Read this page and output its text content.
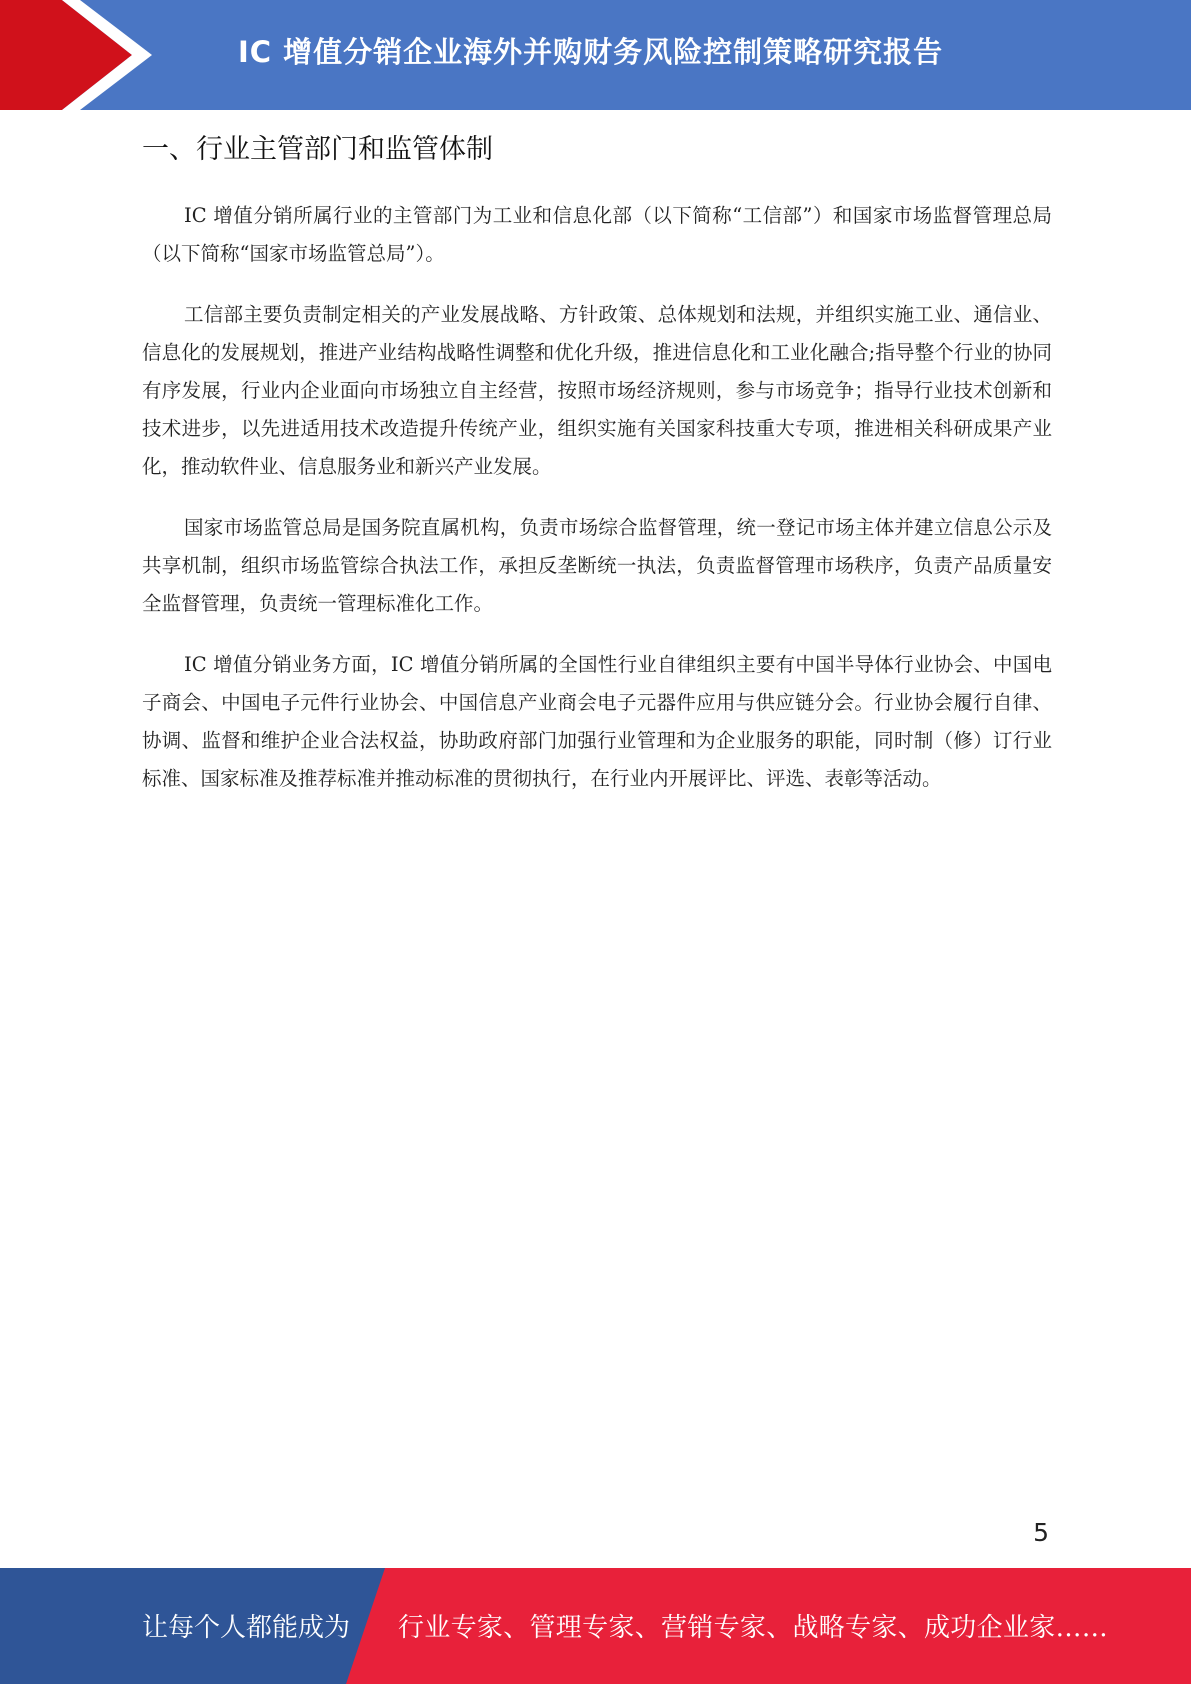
IC 增值分销企业海外并购财务风险控制策略研究报告
一、行业主管部门和监管体制

IC 增值分销所属行业的主管部门为工业和信息化部（以下简称“工信部”）和国家市场监督管理总局（以下简称“国家市场监管总局”）。

工信部主要负责制定相关的产业发展战略、方针政策、总体规划和法规，并组织实施工业、通信业、信息化的发展规划，推进产业结构战略性调整和优化升级，推进信息化和工业化融合;指导整个行业的协同有序发展，行业内企业面向市场独立自主经营，按照市场经济规则，参与市场竞争；指导行业技术创新和技术进步，以先进适用技术改造提升传统产业，组织实施有关国家科技重大专项，推进相关科研成果产业化，推动软件业、信息服务业和新兴产业发展。

国家市场监管总局是国务院直属机构，负责市场综合监督管理，统一登记市场主体并建立信息公示及共享机制，组织市场监管综合执法工作，承担反垄断统一执法，负责监督管理市场秩序，负责产品质量安全监督管理，负责统一管理标准化工作。

IC 增值分销业务方面，IC 增值分销所属的全国性行业自律组织主要有中国半导体行业协会、中国电子商会、中国电子元件行业协会、中国信息产业商会电子元器件应用与供应链分会。行业协会履行自律、协调、监督和维护企业合法权益，协助政府部门加强行业管理和为企业服务的职能，同时制（修）订行业标准、国家标准及推荐标准并推动标准的贯彻执行，在行业内开展评比、评选、表彰等活动。

5
让每个人都能成为 行业专家、管理专家、营销专家、战略专家、成功企业家……
